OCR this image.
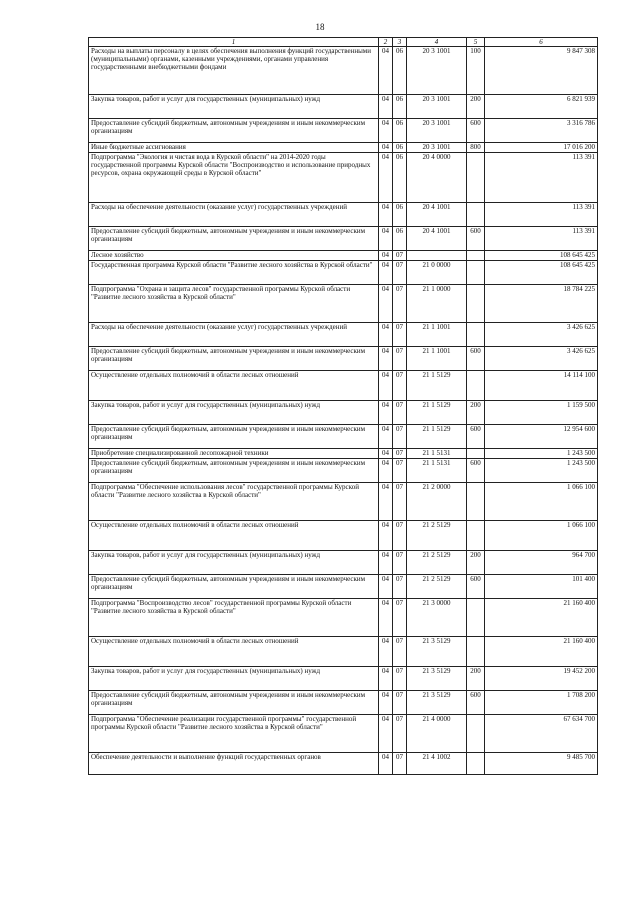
18
1	2	3	4	5	6
Расходы на выплаты персоналу в целях обеспечения выполнения функций государственными (муниципальными) органами, казенными учреждениями, органами управления государственными внебюджетными фондами	04	06	20 3 1001	100	9 847 308
Закупка товаров, работ и услуг для государственных (муниципальных) нужд	04	06	20 3 1001	200	6 821 939
Предоставление субсидий бюджетным, автономным учреждениям и иным некоммерческим организациям	04	06	20 3 1001	600	3 316 786
Иные бюджетные ассигнования	04	06	20 3 1001	800	17 016 200
Подпрограмма "Экология и чистая вода в Курской области" на 2014-2020 годы государственной программы Курской области "Воспроизводство и использование природных ресурсов, охрана окружающей среды в Курской области"	04	06	20 4 0000		113 391
Расходы на обеспечение деятельности (оказание услуг) государственных учреждений	04	06	20 4 1001		113 391
Предоставление субсидий бюджетным, автономным учреждениям и иным некоммерческим организациям	04	06	20 4 1001	600	113 391
Лесное хозяйство	04	07			108 645 425
Государственная программа Курской области "Развитие лесного хозяйства в Курской области"	04	07	21 0 0000		108 645 425
Подпрограмма "Охрана и защита лесов" государственной программы Курской области "Развитие лесного хозяйства в Курской области"	04	07	21 1 0000		18 784 225
Расходы на обеспечение деятельности (оказание услуг) государственных учреждений	04	07	21 1 1001		3 426 625
Предоставление субсидий бюджетным, автономным учреждениям и иным некоммерческим организациям	04	07	21 1 1001	600	3 426 625
Осуществление отдельных полномочий в области лесных отношений	04	07	21 1 5129		14 114 100
Закупка товаров, работ и услуг для государственных (муниципальных) нужд	04	07	21 1 5129	200	1 159 500
Предоставление субсидий бюджетным, автономным учреждениям и иным некоммерческим организациям	04	07	21 1 5129	600	12 954 600
Приобретение специализированной лесопожарной техники	04	07	21 1 5131		1 243 500
Предоставление субсидий бюджетным, автономным учреждениям и иным некоммерческим организациям	04	07	21 1 5131	600	1 243 500
Подпрограмма "Обеспечение использования лесов" государственной программы Курской области "Развитие лесного хозяйства в Курской области"	04	07	21 2 0000		1 066 100
Осуществление отдельных полномочий в области лесных отношений	04	07	21 2 5129		1 066 100
Закупка товаров, работ и услуг для государственных (муниципальных) нужд	04	07	21 2 5129	200	964 700
Предоставление субсидий бюджетным, автономным учреждениям и иным некоммерческим организациям	04	07	21 2 5129	600	101 400
Подпрограмма "Воспроизводство лесов" государственной программы Курской области "Развитие лесного хозяйства в Курской области"	04	07	21 3 0000		21 160 400
Осуществление отдельных полномочий в области лесных отношений	04	07	21 3 5129		21 160 400
Закупка товаров, работ и услуг для государственных (муниципальных) нужд	04	07	21 3 5129	200	19 452 200
Предоставление субсидий бюджетным, автономным учреждениям и иным некоммерческим организациям	04	07	21 3 5129	600	1 708 200
Подпрограмма "Обеспечение реализации государственной программы" государственной программы Курской области "Развитие лесного хозяйства в Курской области"	04	07	21 4 0000		67 634 700
Обеспечение деятельности и выполнение функций государственных органов	04	07	21 4 1002		9 485 700
